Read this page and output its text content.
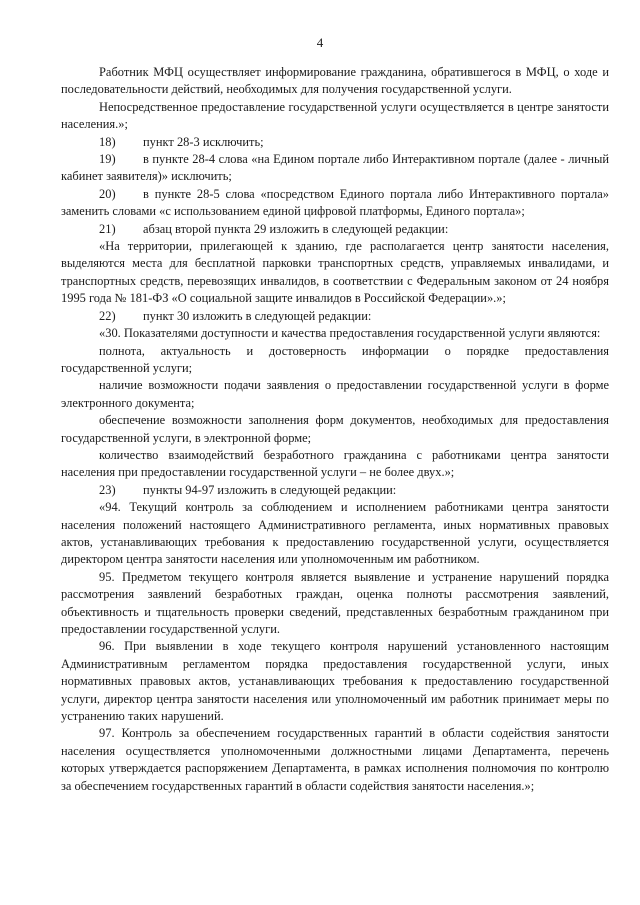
4

Работник МФЦ осуществляет информирование гражданина, обратившегося в МФЦ, о ходе и последовательности действий, необходимых для получения государственной услуги.

Непосредственное предоставление государственной услуги осуществляется в центре занятости населения.»;

18) пункт 28-3 исключить;

19) в пункте 28-4 слова «на Едином портале либо Интерактивном портале (далее - личный кабинет заявителя)» исключить;

20) в пункте 28-5 слова «посредством Единого портала либо Интерактивного портала» заменить словами «с использованием единой цифровой платформы, Единого портала»;

21) абзац второй пункта 29 изложить в следующей редакции:

«На территории, прилегающей к зданию, где располагается центр занятости населения, выделяются места для бесплатной парковки транспортных средств, управляемых инвалидами, и транспортных средств, перевозящих инвалидов, в соответствии с Федеральным законом от 24 ноября 1995 года № 181-ФЗ «О социальной защите инвалидов в Российской Федерации».»;

22) пункт 30 изложить в следующей редакции:

«30. Показателями доступности и качества предоставления государственной услуги являются:

полнота, актуальность и достоверность информации о порядке предоставления государственной услуги;

наличие возможности подачи заявления о предоставлении государственной услуги в форме электронного документа;

обеспечение возможности заполнения форм документов, необходимых для предоставления государственной услуги, в электронной форме;

количество взаимодействий безработного гражданина с работниками центра занятости населения при предоставлении государственной услуги – не более двух.»;

23) пункты 94-97 изложить в следующей редакции:

«94. Текущий контроль за соблюдением и исполнением работниками центра занятости населения положений настоящего Административного регламента, иных нормативных правовых актов, устанавливающих требования к предоставлению государственной услуги, осуществляется директором центра занятости населения или уполномоченным им работником.

95. Предметом текущего контроля является выявление и устранение нарушений порядка рассмотрения заявлений безработных граждан, оценка полноты рассмотрения заявлений, объективность и тщательность проверки сведений, представленных безработным гражданином при предоставлении государственной услуги.

96. При выявлении в ходе текущего контроля нарушений установленного настоящим Административным регламентом порядка предоставления государственной услуги, иных нормативных правовых актов, устанавливающих требования к предоставлению государственной услуги, директор центра занятости населения или уполномоченный им работник принимает меры по устранению таких нарушений.

97. Контроль за обеспечением государственных гарантий в области содействия занятости населения осуществляется уполномоченными должностными лицами Департамента, перечень которых утверждается распоряжением Департамента, в рамках исполнения полномочия по контролю за обеспечением государственных гарантий в области содействия занятости населения.»;
